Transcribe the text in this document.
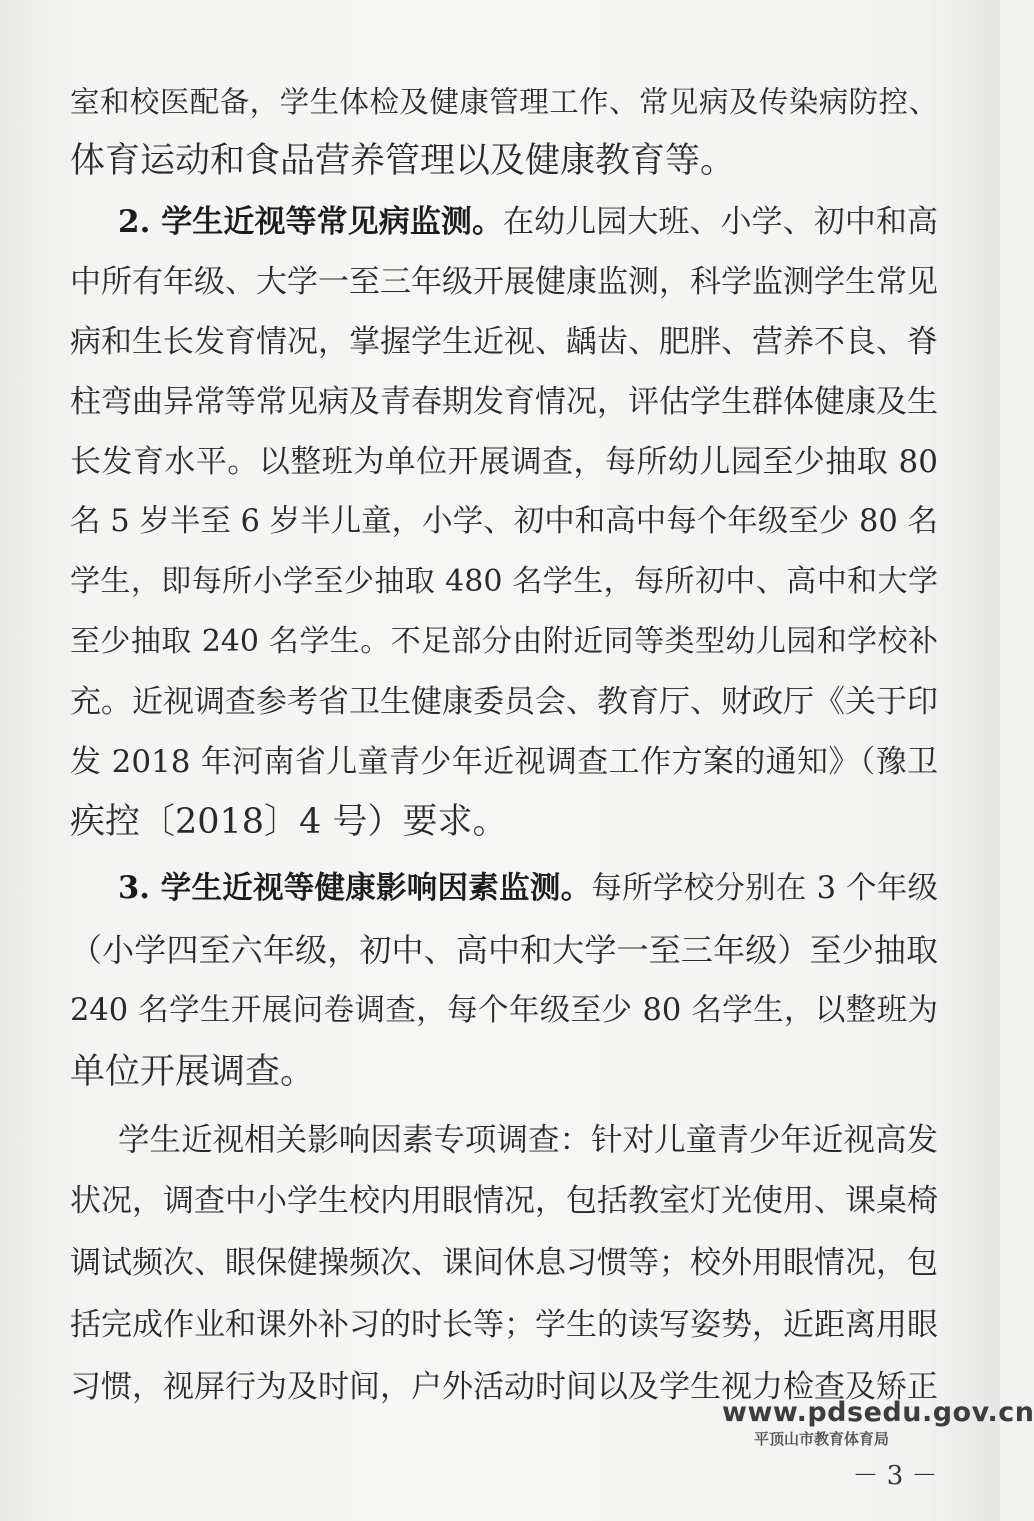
室和校医配备，学生体检及健康管理工作、常见病及传染病防控、
体育运动和食品营养管理以及健康教育等。
2. 学生近视等常见病监测。在幼儿园大班、小学、初中和高
中所有年级、大学一至三年级开展健康监测，科学监测学生常见
病和生长发育情况，掌握学生近视、龋齿、肥胖、营养不良、脊
柱弯曲异常等常见病及青春期发育情况，评估学生群体健康及生
长发育水平。以整班为单位开展调查，每所幼儿园至少抽取 80
名 5 岁半至 6 岁半儿童，小学、初中和高中每个年级至少 80 名
学生，即每所小学至少抽取 480 名学生，每所初中、高中和大学
至少抽取 240 名学生。不足部分由附近同等类型幼儿园和学校补
充。近视调查参考省卫生健康委员会、教育厅、财政厅《关于印
发 2018 年河南省儿童青少年近视调查工作方案的通知》（豫卫
疾控〔2018〕4 号）要求。
3. 学生近视等健康影响因素监测。每所学校分别在 3 个年级
（小学四至六年级，初中、高中和大学一至三年级）至少抽取
240 名学生开展问卷调查，每个年级至少 80 名学生，以整班为
单位开展调查。
学生近视相关影响因素专项调查：针对儿童青少年近视高发
状况，调查中小学生校内用眼情况，包括教室灯光使用、课桌椅
调试频次、眼保健操频次、课间休息习惯等；校外用眼情况，包
括完成作业和课外补习的时长等；学生的读写姿势，近距离用眼
习惯，视屏行为及时间，户外活动时间以及学生视力检查及矫正
www.pdsedu.gov.cn
平顶山市教育体育局
－ 3 －
